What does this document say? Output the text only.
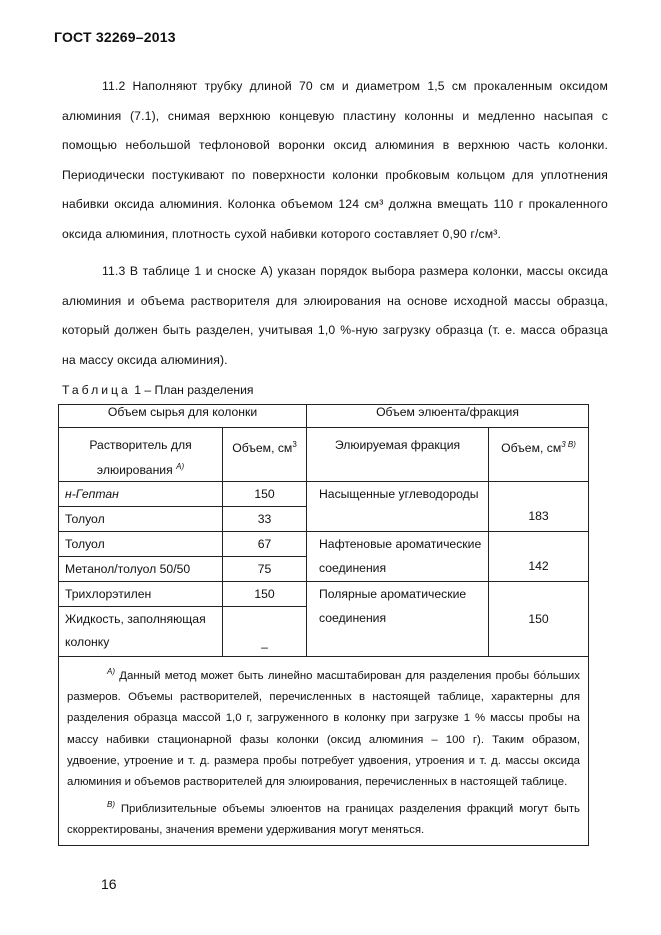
ГОСТ 32269–2013

11.2 Наполняют трубку длиной 70 см и диаметром 1,5 см прокаленным оксидом алюминия (7.1), снимая верхнюю концевую пластину колонны и медленно насыпая с помощью небольшой тефлоновой воронки оксид алюминия в верхнюю часть колонки. Периодически постукивают по поверхности колонки пробковым кольцом для уплотнения набивки оксида алюминия. Колонка объемом 124 см³ должна вмещать 110 г прокаленного оксида алюминия, плотность сухой набивки которого составляет 0,90 г/см³.

11.3 В таблице 1 и сноске А) указан порядок выбора размера колонки, массы оксида алюминия и объема растворителя для элюирования на основе исходной массы образца, который должен быть разделен, учитывая 1,0 %-ную загрузку образца (т. е. масса образца на массу оксида алюминия).

Таблица 1 – План разделения
Объем сырья для колонки		Объем элюента/фракция	

Растворитель для элюирования $^{А)}$	Объем, $см^3$	Элюируемая фракция	Объем, $см^{3 В)}$

н-Гептан	150	Насыщенные углеводороды	183
Толуол	33		
Толуол	67	Нафтеновые ароматические соединения	142
Метанол/толуол 50/50	75		
Трихлорэтилен	150	Полярные ароматические соединения	150
Жидкость, заполняющая колонку	–		

$^{А)}$ Данный метод может быть линейно масштабирован для разделения пробы бо́льших размеров. Объемы растворителей, перечисленных в настоящей таблице, характерны для разделения образца массой 1,0 г, загруженного в колонку при загрузке 1 % массы пробы на массу набивки стационарной фазы колонки (оксид алюминия – 100 г). Таким образом, удвоение, утроение и т. д. размера пробы потребует удвоения, утроения и т. д. массы оксида алюминия и объемов растворителей для элюирования, перечисленных в настоящей таблице.

$^{В)}$ Приблизительные объемы элюентов на границах разделения фракций могут быть скорректированы, значения времени удерживания могут меняться.			

16
